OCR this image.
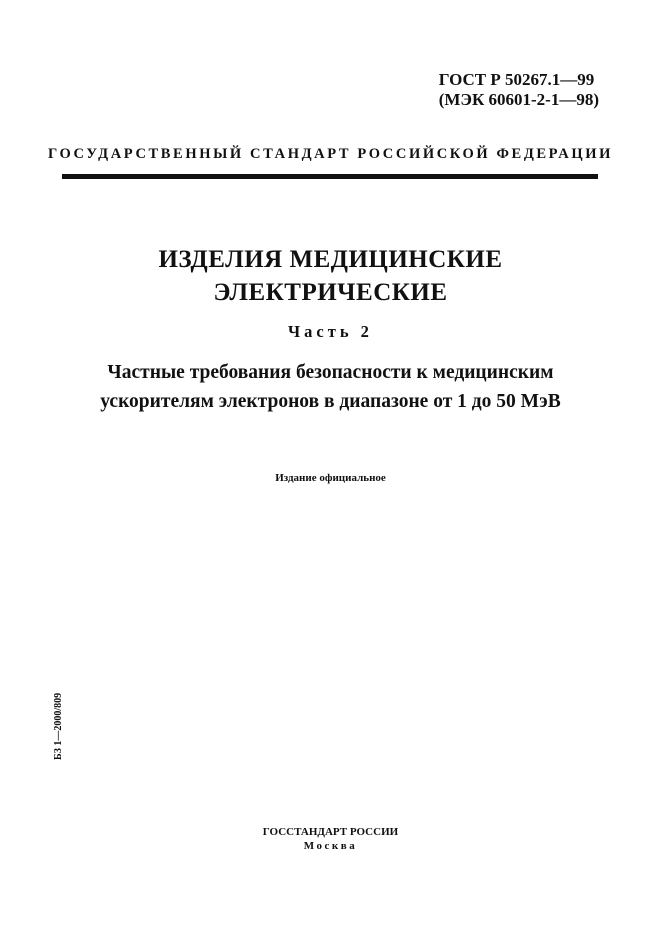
ГОСТ Р 50267.1—99
(МЭК 60601-2-1—98)
ГОСУДАРСТВЕННЫЙ СТАНДАРТ РОССИЙСКОЙ ФЕДЕРАЦИИ
ИЗДЕЛИЯ МЕДИЦИНСКИЕ
ЭЛЕКТРИЧЕСКИЕ
Часть 2
Частные требования безопасности к медицинским
ускорителям электронов в диапазоне от 1 до 50 МэВ
Издание официальное
БЗ 1—2000/809
ГОССТАНДАРТ РОССИИ
Москва
